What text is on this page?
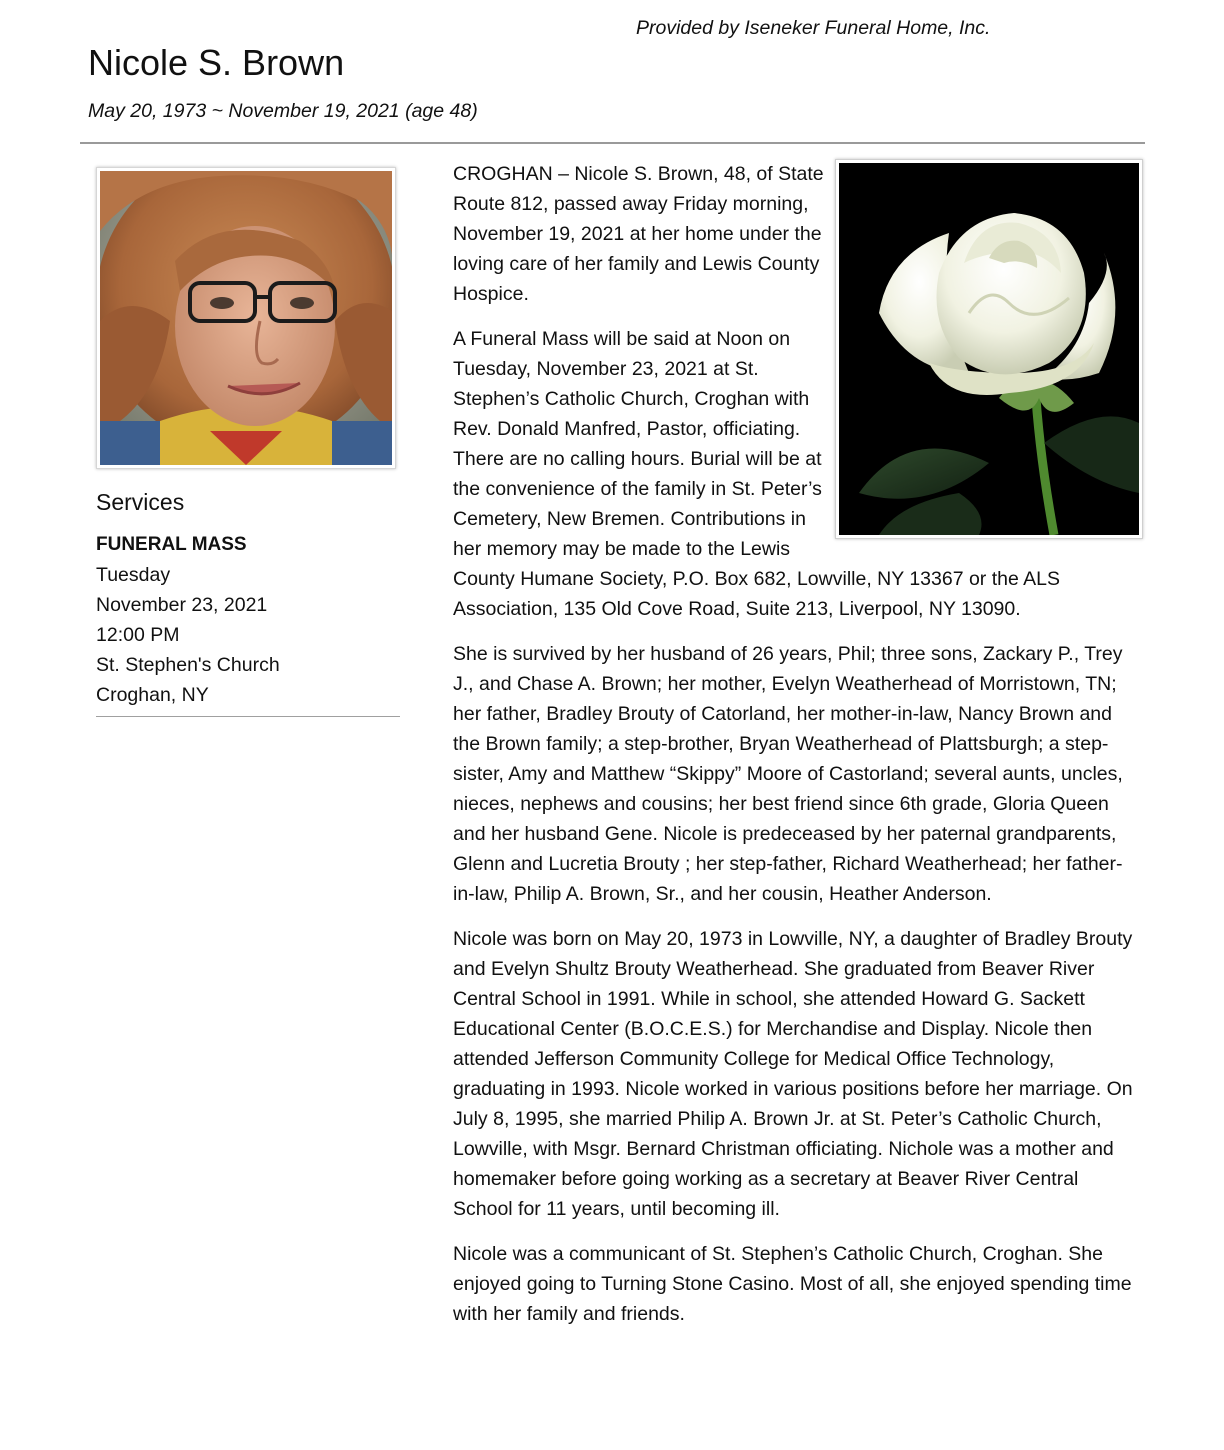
Provided by Iseneker Funeral Home, Inc.
Nicole S. Brown
May 20, 1973 ~ November 19, 2021 (age 48)
Services
FUNERAL MASS
Tuesday
November 23, 2021
12:00 PM
St. Stephen's Church
Croghan, NY

CROGHAN – Nicole S. Brown, 48, of State Route 812, passed away Friday morning, November 19, 2021 at her home under the loving care of her family and Lewis County Hospice.

A Funeral Mass will be said at Noon on Tuesday, November 23, 2021 at St. Stephen’s Catholic Church, Croghan with Rev. Donald Manfred, Pastor, officiating. There are no calling hours. Burial will be at the convenience of the family in St. Peter’s Cemetery, New Bremen. Contributions in her memory may be made to the Lewis County Humane Society, P.O. Box 682, Lowville, NY 13367 or the ALS Association, 135 Old Cove Road, Suite 213, Liverpool, NY 13090.

She is survived by her husband of 26 years, Phil; three sons, Zackary P., Trey J., and Chase A. Brown; her mother, Evelyn Weatherhead of Morristown, TN; her father, Bradley Brouty of Catorland, her mother-in-law, Nancy Brown and the Brown family; a step-brother, Bryan Weatherhead of Plattsburgh; a step-sister, Amy and Matthew “Skippy” Moore of Castorland; several aunts, uncles, nieces, nephews and cousins; her best friend since 6th grade, Gloria Queen and her husband Gene. Nicole is predeceased by her paternal grandparents, Glenn and Lucretia Brouty ; her step-father, Richard Weatherhead; her father-in-law, Philip A. Brown, Sr., and her cousin, Heather Anderson.

Nicole was born on May 20, 1973 in Lowville, NY, a daughter of Bradley Brouty and Evelyn Shultz Brouty Weatherhead. She graduated from Beaver River Central School in 1991. While in school, she attended Howard G. Sackett Educational Center (B.O.C.E.S.) for Merchandise and Display. Nicole then attended Jefferson Community College for Medical Office Technology, graduating in 1993. Nicole worked in various positions before her marriage. On July 8, 1995, she married Philip A. Brown Jr. at St. Peter’s Catholic Church, Lowville, with Msgr. Bernard Christman officiating. Nichole was a mother and homemaker before going working as a secretary at Beaver River Central School for 11 years, until becoming ill.

Nicole was a communicant of St. Stephen’s Catholic Church, Croghan. She enjoyed going to Turning Stone Casino. Most of all, she enjoyed spending time with her family and friends.
